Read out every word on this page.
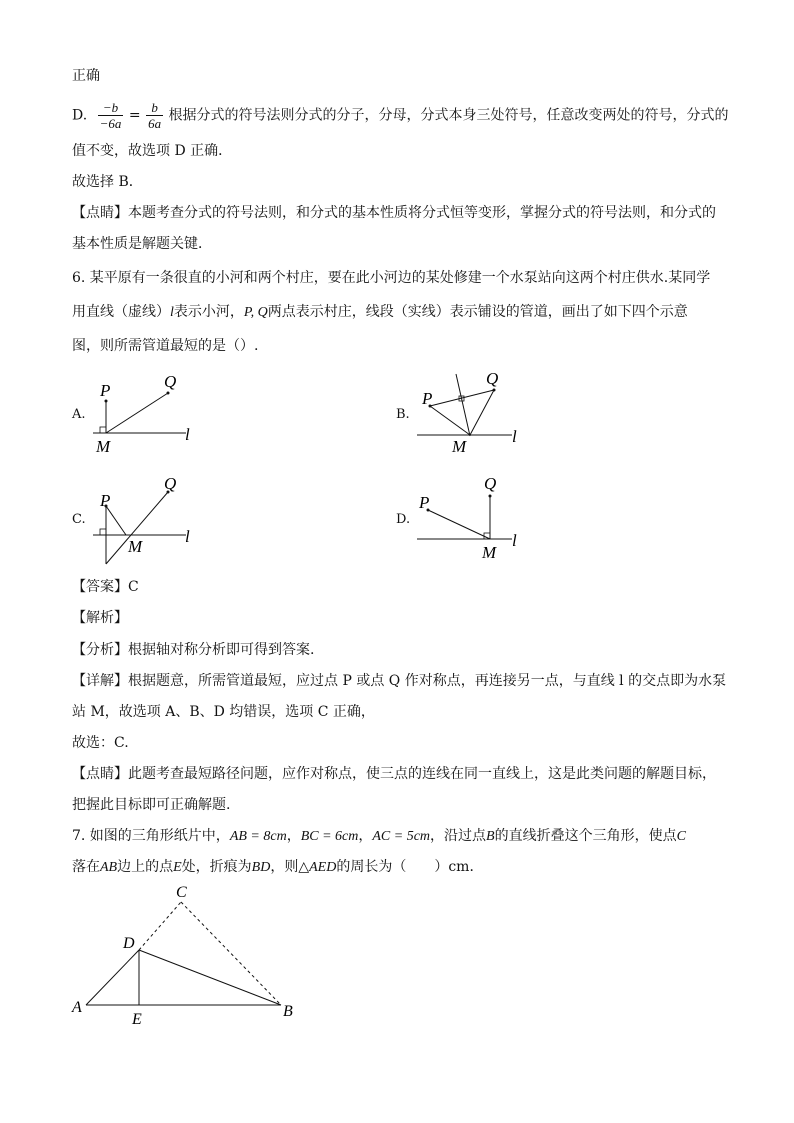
正确
D. $\frac{-b}{-6a} = \frac{b}{6a}$ 根据分式的符号法则分式的分子，分母，分式本身三处符号，任意改变两处的符号，分式的
值不变，故选项 D 正确．
故选择 B．
【点睛】本题考查分式的符号法则，和分式的基本性质将分式恒等变形，掌握分式的符号法则，和分式的
基本性质是解题关键．
6. 某平原有一条很直的小河和两个村庄，要在此小河边的某处修建一个水泵站向这两个村庄供水.某同学
用直线（虚线）l表示小河，P, Q两点表示村庄，线段（实线）表示铺设的管道，画出了如下四个示意
图，则所需管道最短的是（）.
A.	B.
C.	D.
P	Q
M
l
P
Q
M
l
P
Q
M
l
P
Q
M
l
【答案】C
【解析】
【分析】根据轴对称分析即可得到答案.
【详解】根据题意，所需管道最短，应过点 P 或点 Q 作对称点，再连接另一点，与直线 l 的交点即为水泵
站 M，故选项 A、B、D 均错误，选项 C 正确，
故选：C.
【点睛】此题考查最短路径问题，应作对称点，使三点的连线在同一直线上，这是此类问题的解题目标，
把握此目标即可正确解题.
7. 如图的三角形纸片中，AB = 8cm，BC = 6cm，AC = 5cm，沿过点B的直线折叠这个三角形，使点C
落在AB边上的点E处，折痕为BD，则△AED的周长为（　　）cm．
A	B
C
D
E
